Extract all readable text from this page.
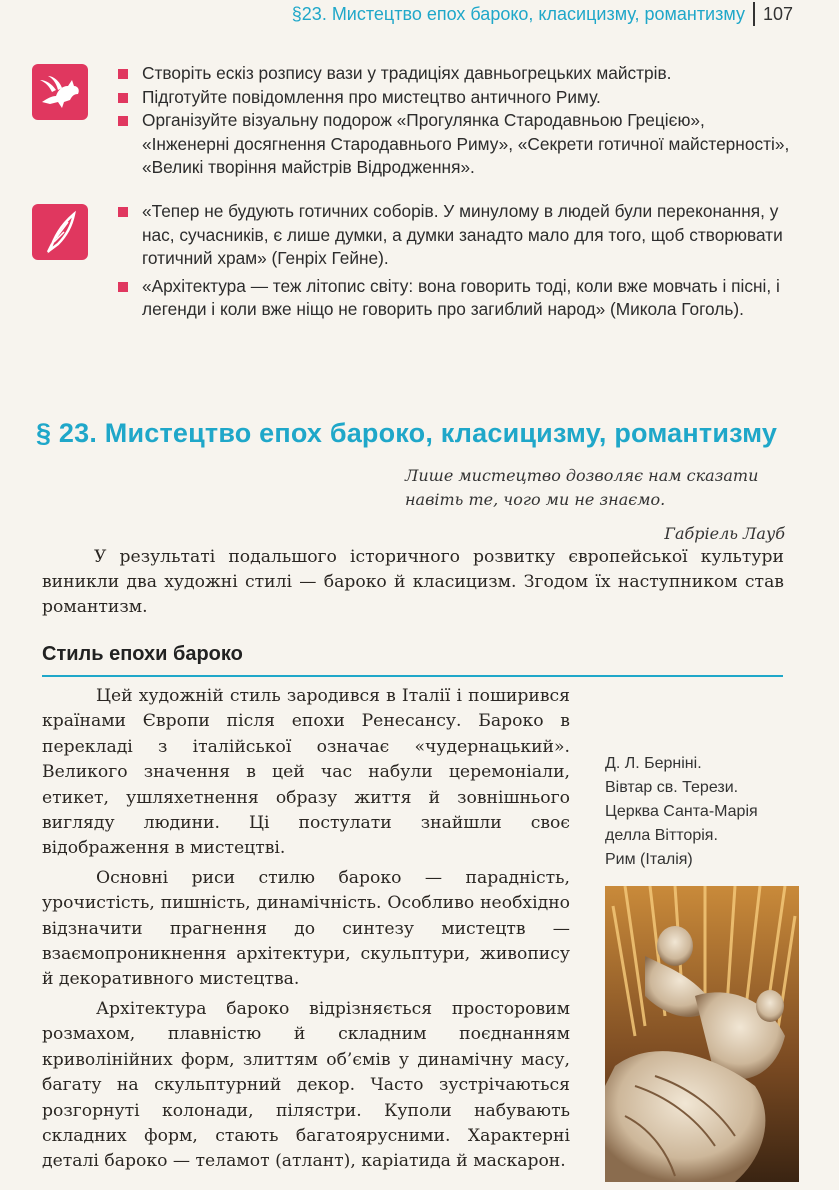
§23. Мистецтво епох бароко, класицизму, романтизму 107
Створіть ескіз розпису вази у традиціях давньогрецьких майстрів.
Підготуйте повідомлення про мистецтво античного Риму.
Організуйте візуальну подорож «Прогулянка Стародавньою Грецією», «Інженерні досягнення Стародавнього Риму», «Секрети готичної майстерності», «Великі творіння майстрів Відродження».
«Тепер не будують готичних соборів. У минулому в людей були переконання, у нас, сучасників, є лише думки, а думки занадто мало для того, щоб створювати готичний храм» (Генріх Гейне).
«Архітектура — теж літопис світу: вона говорить тоді, коли вже мовчать і пісні, і легенди і коли вже ніщо не говорить про загиблий народ» (Микола Гоголь).
§ 23. Мистецтво епох бароко, класицизму, романтизму
Лише мистецтво дозволяє нам сказати
навіть те, чого ми не знаємо.
Габріель Лауб

У результаті подальшого історичного розвитку європейської культури виникли два художні стилі — бароко й класицизм. Згодом їх наступником став романтизм.

Стиль епохи бароко

Цей художній стиль зародився в Італії і поширився країнами Європи після епохи Ренесансу. Бароко в перекладі з італійської означає «чудернацький». Великого значення в цей час набули церемоніали, етикет, ушляхетнення образу життя й зовнішнього вигляду людини. Ці постулати знайшли своє відображення в мистецтві.

Основні риси стилю бароко — парадність, урочистість, пишність, динамічність. Особливо необхідно відзначити прагнення до синтезу мистецтв — взаємопроникнення архітектури, скульптури, живопису й декоративного мистецтва.

Архітектура бароко відрізняється просторовим розмахом, плавністю й складним поєднанням криволінійних форм, злиттям об’ємів у динамічну масу, багату на скульптурний декор. Часто зустрічаються розгорнуті колонади, пілястри. Куполи набувають складних форм, стають багатоярусними. Характерні деталі бароко — теламот (атлант), каріатида й маскарон.

Д. Л. Берніні.
Вівтар св. Терези.
Церква Санта-Марія
делла Вітторія.
Рим (Італія)
